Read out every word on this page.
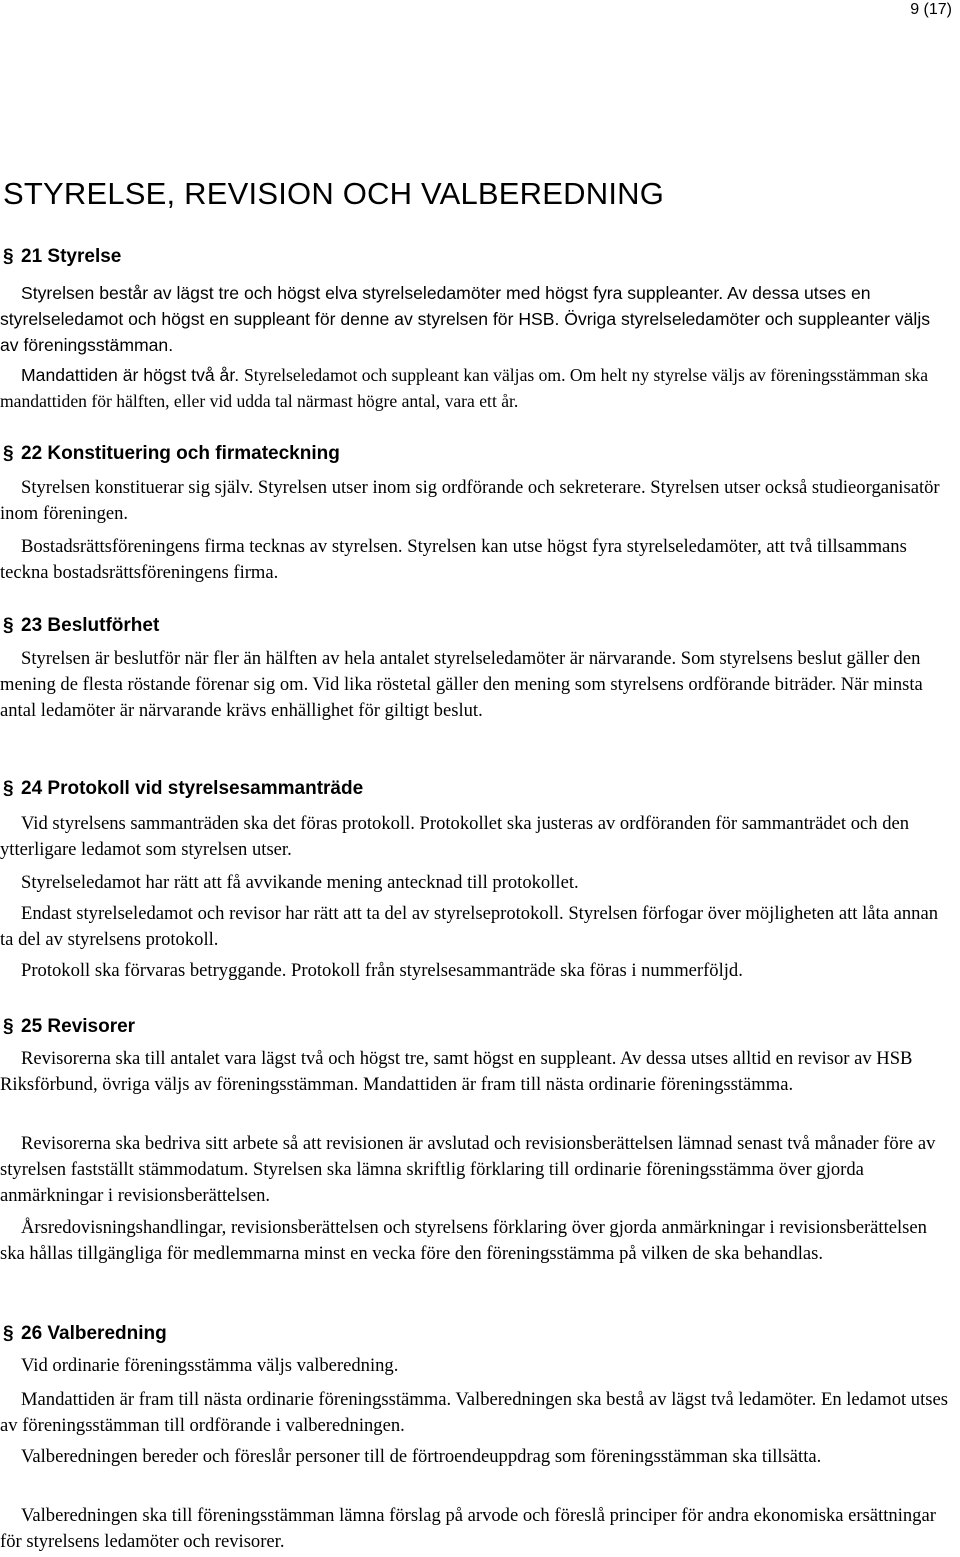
9 (17)
STYRELSE, REVISION OCH VALBEREDNING
§ 21 Styrelse

Styrelsen består av lägst tre och högst elva styrelseledamöter med högst fyra suppleanter. Av dessa utses en styrelseledamot och högst en suppleant för denne av styrelsen för HSB. Övriga styrelseledamöter och suppleanter väljs av föreningsstämman.

Mandattiden är högst två år. Styrelseledamot och suppleant kan väljas om. Om helt ny styrelse väljs av föreningsstämman ska mandattiden för hälften, eller vid udda tal närmast högre antal, vara ett år.

§ 22 Konstituering och firmateckning

Styrelsen konstituerar sig själv. Styrelsen utser inom sig ordförande och sekreterare. Styrelsen utser också studieorganisatör inom föreningen.

Bostadsrättsföreningens firma tecknas av styrelsen. Styrelsen kan utse högst fyra styrelseledamöter, att två tillsammans teckna bostadsrättsföreningens firma.

§ 23 Beslutförhet

Styrelsen är beslutför när fler än hälften av hela antalet styrelseledamöter är närvarande. Som styrelsens beslut gäller den mening de flesta röstande förenar sig om. Vid lika röstetal gäller den mening som styrelsens ordförande biträder. När minsta antal ledamöter är närvarande krävs enhällighet för giltigt beslut.

§ 24 Protokoll vid styrelsesammanträde

Vid styrelsens sammanträden ska det föras protokoll. Protokollet ska justeras av ordföranden för sammanträdet och den ytterligare ledamot som styrelsen utser.

Styrelseledamot har rätt att få avvikande mening antecknad till protokollet.

Endast styrelseledamot och revisor har rätt att ta del av styrelseprotokoll. Styrelsen förfogar över möjligheten att låta annan ta del av styrelsens protokoll.

Protokoll ska förvaras betryggande. Protokoll från styrelsesammanträde ska föras i nummerföljd.

§ 25 Revisorer

Revisorerna ska till antalet vara lägst två och högst tre, samt högst en suppleant. Av dessa utses alltid en revisor av HSB Riksförbund, övriga väljs av föreningsstämman. Mandattiden är fram till nästa ordinarie föreningsstämma.

Revisorerna ska bedriva sitt arbete så att revisionen är avslutad och revisionsberättelsen lämnad senast två månader före av styrelsen fastställt stämmodatum. Styrelsen ska lämna skriftlig förklaring till ordinarie föreningsstämma över gjorda anmärkningar i revisionsberättelsen.

Årsredovisningshandlingar, revisionsberättelsen och styrelsens förklaring över gjorda anmärkningar i revisionsberättelsen ska hållas tillgängliga för medlemmarna minst en vecka före den föreningsstämma på vilken de ska behandlas.

§ 26 Valberedning

Vid ordinarie föreningsstämma väljs valberedning.

Mandattiden är fram till nästa ordinarie föreningsstämma. Valberedningen ska bestå av lägst två ledamöter. En ledamot utses av föreningsstämman till ordförande i valberedningen.

Valberedningen bereder och föreslår personer till de förtroendeuppdrag som föreningsstämman ska tillsätta.

Valberedningen ska till föreningsstämman lämna förslag på arvode och föreslå principer för andra ekonomiska ersättningar för styrelsens ledamöter och revisorer.
